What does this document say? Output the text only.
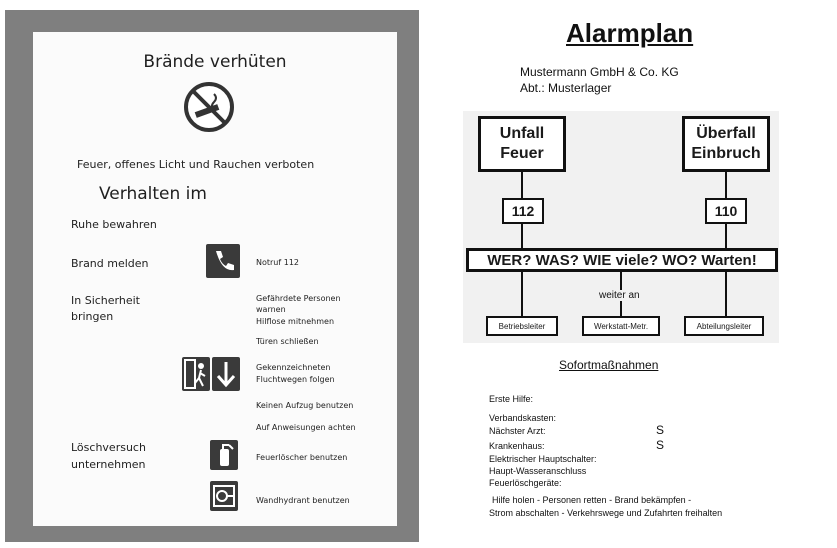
Brände verhüten
Feuer, offenes Licht und Rauchen verboten
Verhalten im
Ruhe bewahren
Brand melden	Notruf 112
In Sicherheit
bringen
Gefährdete Personen
warnen
Hilflose mitnehmen
Türen schließen
Gekennzeichneten
Fluchtwegen folgen
Keinen Aufzug benutzen
Auf Anweisungen achten
Löschversuch
unternehmen
Feuerlöscher benutzen
Wandhydrant benutzen
Alarmplan
Mustermann GmbH & Co. KG
Abt.: Musterlager
Unfall
Feuer
Überfall
Einbruch
112	110
WER? WAS? WIE viele? WO? Warten!
weiter an
Betriebsleiter	Werkstatt-Metr.	Abteilungsleiter
Sofortmaßnahmen
Erste Hilfe:
Verbandskasten:
Nächster Arzt:	S
Krankenhaus:	S
Elektrischer Hauptschalter:
Haupt-Wasseranschluss
Feuerlöschgeräte:
Hilfe holen - Personen retten - Brand bekämpfen -
Strom abschalten - Verkehrswege und Zufahrten freihalten
